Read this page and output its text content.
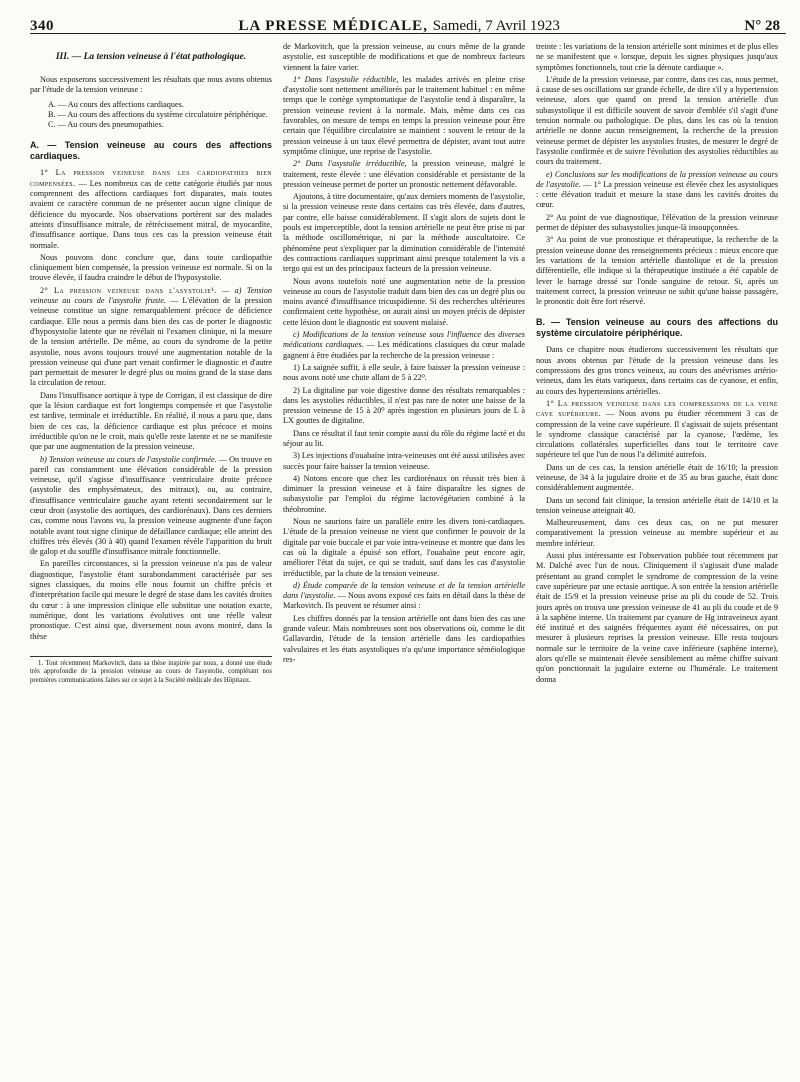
340	LA PRESSE MÉDICALE, Samedi, 7 Avril 1923	N° 28
III. — La tension veineuse à l'état pathologique.

Nous exposerons successivement les résultats que nous avons obtenus par l'étude de la tension veineuse :

A. — Au cours des affections cardiaques.
B. — Au cours des affections du système circulatoire périphérique.
C. — Au cours des pneumopathies.
A. — Tension veineuse au cours des affections cardiaques.

1° La pression veineuse dans les cardiopathies bien compensées. — Les nombreux cas de cette catégorie étudiés par nous comprennent des affections cardiaques fort disparates, mais toutes avaient ce caractère commun de ne présenter aucun signe clinique de déficience du myocarde. Nos observations portèrent sur des malades atteints d'insuffisance mitrale, de rétrécissement mitral, de myocardite, d'insuffisance aortique. Dans tous ces cas la pression veineuse était normale.

Nous pouvons donc conclure que, dans toute cardiopathie cliniquement bien compensée, la pression veineuse est normale. Si on la trouve élevée, il faudra craindre le début de l'hyposystolie.

2° La pression veineuse dans l'asystolie¹. — a) Tension veineuse au cours de l'asystolie fruste. — L'élévation de la pression veineuse constitue un signe remarquablement précoce de déficience cardiaque. Elle nous a permis dans bien des cas de porter le diagnostic d'hyposystolie latente que ne révélait ni l'examen clinique, ni la mesure de la tension artérielle. De même, au cours du syndrome de la petite asystolie, nous avons toujours trouvé une augmentation notable de la pression veineuse qui d'une part venait confirmer le diagnostic et d'autre part permettait de mesurer le degré plus ou moins grand de la stase dans la circulation de retour.

Dans l'insuffisance aortique à type de Corrigan, il est classique de dire que la lésion cardiaque est fort longtemps compensée et que l'asystolie est tardive, terminale et irréductible. En réalité, il nous a paru que, dans bien de ces cas, la déficience cardiaque est plus précoce et moins irréductible qu'on ne le croit, mais qu'elle reste latente et ne se manifeste que par une augmentation de la pression veineuse.

b) Tension veineuse au cours de l'asystolie confirmée. — On trouve en pareil cas constamment une élévation considérable de la pression veineuse, qu'il s'agisse d'insuffisance ventriculaire droite précoce (asystolie des emphysémateux, des mitraux), ou, au contraire, d'insuffisance ventriculaire gauche ayant retenti secondairement sur le cœur droit (asystolie des aortiques, des cardiorénaux). Dans ces derniers cas, comme nous l'avons vu, la pression veineuse augmente d'une façon notable avant tout signe clinique de défaillance cardiaque; elle atteint des chiffres très élevés (30 à 40) quand l'examen révèle l'apparition du bruit de galop et du souffle d'insuffisance mitrale fonctionnelle.

En pareilles circonstances, si la pression veineuse n'a pas de valeur diagnostique, l'asystolie étant surabondamment caractérisée par ses signes classiques, du moins elle nous fournit un chiffre précis et d'interprétation facile qui mesure le degré de stase dans les cavités droites du cœur : à une impression clinique elle substitue une notation exacte, numérique, dont les variations évolutives ont une réelle valeur pronostique. C'est ainsi que, diversement nous avons montré, dans la thèse

1. Tout récemment Markovitch, dans sa thèse inspirée par nous, a donné une étude très approfondie de la pression veineuse au cours de l'asystolie, complétant nos premières communications faites sur ce sujet à la Société médicale des Hôpitaux.

de Markovitch, que la pression veineuse, au cours même de la grande asystolie, est susceptible de modifications et que de nombreux facteurs viennent la faire varier.

1° Dans l'asystolie réductible, les malades arrivés en pleine crise d'asystolie sont nettement améliorés par le traitement habituel : en même temps que le cortège symptomatique de l'asystolie tend à disparaître, la pression veineuse revient à la normale. Mais, même dans ces cas favorables, on mesure de temps en temps la pression veineuse pour être certain que l'équilibre circulatoire se maintient : souvent le retour de la pression veineuse à un taux élevé permettra de dépister, avant tout autre symptôme clinique, une reprise de l'asystolie.

2° Dans l'asystolie irréductible, la pression veineuse, malgré le traitement, reste élevée : une élévation considérable et persistante de la pression veineuse permet de porter un pronostic nettement défavorable.

Ajoutons, à titre documentaire, qu'aux derniers moments de l'asystolie, si la pression veineuse reste dans certains cas très élevée, dans d'autres, par contre, elle baisse considérablement. Il s'agit alors de sujets dont le pouls est imperceptible, dont la tension artérielle ne peut être prise ni par la méthode oscillométrique, ni par la méthode auscultatoire. Ce phénomène peut s'expliquer par la diminution considérable de l'intensité des contractions cardiaques supprimant ainsi presque totalement la vis a tergo qui est un des principaux facteurs de la pression veineuse.

Nous avons toutefois noté une augmentation nette de la pression veineuse au cours de l'asystolie traduit dans bien des cas un degré plus ou moins avancé d'insuffisance tricuspidienne. Si des recherches ultérieures confirmaient cette hypothèse, on aurait ainsi un moyen précis de dépister cette lésion dont le diagnostic est souvent malaisé.

c) Modifications de la tension veineuse sous l'influence des diverses médications cardiaques. — Les médications classiques du cœur malade gagnent à être étudiées par la recherche de la pression veineuse :

1) La saignée suffit, à elle seule, à faire baisser la pression veineuse : nous avons noté une chute allant de 5 à 22⁰.

2) La digitaline par voie digestive donne des résultats remarquables : dans les asystolies réductibles, il n'est pas rare de noter une baisse de la pression veineuse de 15 à 20⁰ après ingestion en plusieurs jours de L à LX gouttes de digitaline.

Dans ce résultat il faut tenir compte aussi du rôle du régime lacté et du séjour au lit.

3) Les injections d'ouabaïne intra-veineuses ont été aussi utilisées avec succès pour faire baisser la tension veineuse.

4) Notons encore que chez les cardiorénaux on réussit très bien à diminuer la pression veineuse et à faire disparaître les signes de subasystolie par l'emploi du régime lactovégétarien combiné à la théobromine.

Nous ne saurions faire un parallèle entre les divers toni-cardiaques. L'étude de la pression veineuse ne vient que confirmer le pouvoir de la digitale par voie buccale et par voie intra-veineuse et montre que dans les cas où la digitale a épuisé son effort, l'ouabaïne peut encore agir, améliorer l'état du sujet, ce qui se traduit, sauf dans les cas d'asystolie irréductible, par la chute de la tension veineuse.

d) Étude comparée de la tension veineuse et de la tension artérielle dans l'asystolie. — Nous avons exposé ces faits en détail dans la thèse de Markovitch. Ils peuvent se résumer ainsi :

Les chiffres donnés par la tension artérielle ont dans bien des cas une grande valeur. Mais nombreuses sont nos observations où, comme le dit Gallavardin, l'étude de la tension artérielle dans les cardiopathies valvulaires et les états asystoliques n'a qu'une importance séméiologique res-

treinte : les variations de la tension artérielle sont minimes et de plus elles ne se manifestent que « lorsque, depuis les signes physiques jusqu'aux symptômes fonctionnels, tout crie la déroute cardiaque ».

L'étude de la pression veineuse, par contre, dans ces cas, nous permet, à cause de ses oscillations sur grande échelle, de dire s'il y a hypertension veineuse, alors que quand on prend la tension artérielle d'un subasystolique il est difficile souvent de savoir d'emblée s'il s'agit d'une tension normale ou pathologique. De plus, dans les cas où la tension artérielle ne donne aucun renseignement, la recherche de la pression veineuse permet de dépister les asystolies frustes, de mesurer le degré de l'asystolie confirmée et de suivre l'évolution des asystolies réductibles au cours du traitement.

e) Conclusions sur les modifications de la pression veineuse au cours de l'asystolie. — 1° La pression veineuse est élevée chez les asystoliques : cette élévation traduit et mesure la stase dans les cavités droites du cœur.

2° Au point de vue diagnostique, l'élévation de la pression veineuse permet de dépister des subasystolies jusque-là insoupçonnées.

3° Au point de vue pronostique et thérapeutique, la recherche de la pression veineuse donne des renseignements précieux : mieux encore que les variations de la tension artérielle diastolique et de la pression différentielle, elle indique si la thérapeutique instituée a été capable de lever le barrage dressé sur l'onde sanguine de retour. Si, après un traitement correct, la pression veineuse ne subit qu'une baisse passagère, le pronostic doit être fort réservé.

B. — Tension veineuse au cours des affections du système circulatoire périphérique.

Dans ce chapitre nous étudierons successivement les résultats que nous avons obtenus par l'étude de la pression veineuse dans les compressions des gros troncs veineux, au cours des anévrismes artério-veineux, dans les états variqueux, dans certains cas de cyanose, et enfin, au cours des hypertensions artérielles.

1° La pression veineuse dans les compressions de la veine cave supérieure. — Nous avons pu étudier récemment 3 cas de compression de la veine cave supérieure. Il s'agissait de sujets présentant le syndrome classique caractérisé par la cyanose, l'œdème, les circulations collatérales superficielles dans tout le territoire cave supérieure tel que l'un de nous l'a délimité autrefois.

Dans un de ces cas, la tension artérielle était de 16/10; la pression veineuse, de 34 à la jugulaire droite et de 35 au bras gauche, était donc considérablement augmentée.

Dans un second fait clinique, la tension artérielle était de 14/10 et la tension veineuse atteignait 40.

Malheureusement, dans ces deux cas, on ne put mesurer comparativement la pression veineuse au membre supérieur et au membre inférieur.

Aussi plus intéressante est l'observation publiée tout récemment par M. Dalché avec l'un de nous. Cliniquement il s'agissait d'une malade présentant au grand complet le syndrome de compression de la veine cave supérieure par une ectasie aortique. A son entrée la tension artérielle était de 15/9 et la pression veineuse prise au pli du coude de 52. Trois jours après on trouva une pression veineuse de 41 au pli du coude et de 9 à la saphène interne. Un traitement par cyanure de Hg intraveineux ayant été institué et des saignées fréquentes ayant été nécessaires, on put mesurer à plusieurs reprises la pression veineuse. Elle resta toujours normale sur le territoire de la veine cave inférieure (saphène interne), alors qu'elle se maintenait élevée sensiblement au même chiffre suivant qu'on ponctionnait la jugulaire externe ou l'humérale. Le traitement donna
